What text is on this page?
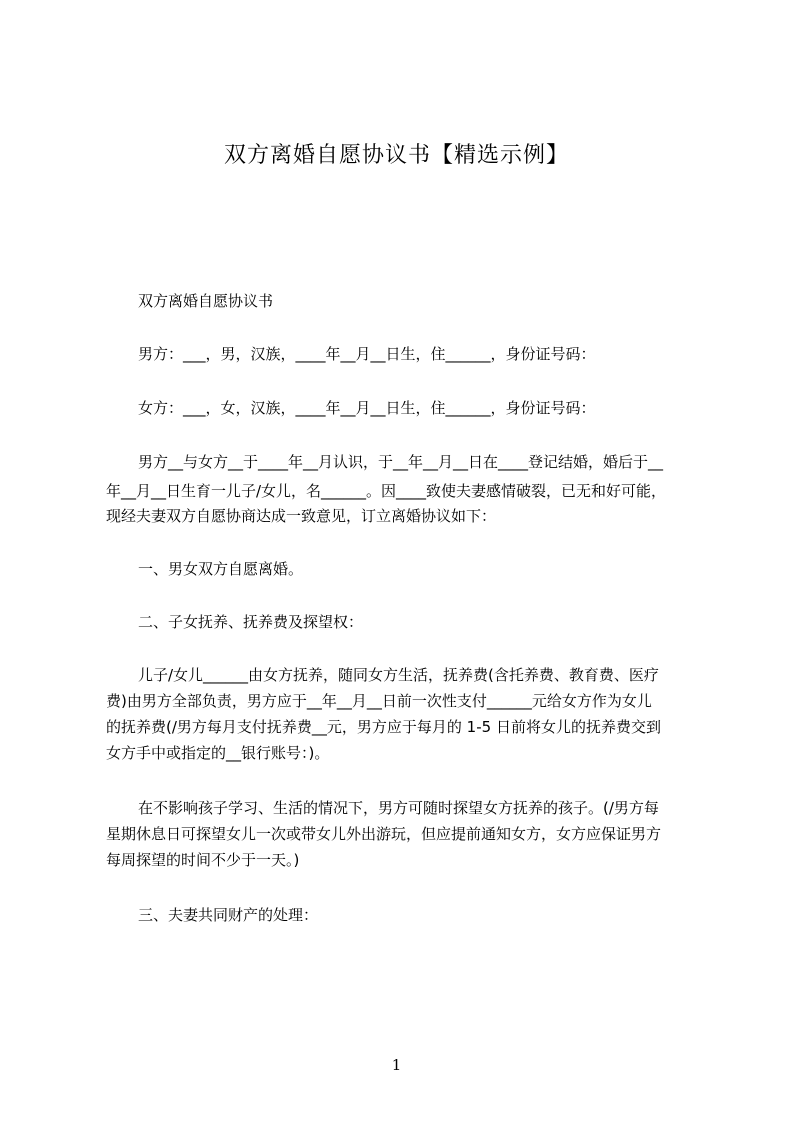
双方离婚自愿协议书【精选示例】
双方离婚自愿协议书
男方：___，男，汉族，____年__月__日生，住______，身份证号码：
女方：___，女，汉族，____年__月__日生，住______，身份证号码：
男方__与女方__于____年__月认识，于__年__月__日在____登记结婚，婚后于__
年__月__日生育一儿子/女儿，名______。因____致使夫妻感情破裂，已无和好可能，
现经夫妻双方自愿协商达成一致意见，订立离婚协议如下：
一、男女双方自愿离婚。
二、子女抚养、抚养费及探望权：
儿子/女儿______由女方抚养，随同女方生活，抚养费(含托养费、教育费、医疗
费)由男方全部负责，男方应于__年__月__日前一次性支付______元给女方作为女儿
的抚养费(/男方每月支付抚养费__元，男方应于每月的 1-5 日前将女儿的抚养费交到
女方手中或指定的__银行账号：)。
在不影响孩子学习、生活的情况下，男方可随时探望女方抚养的孩子。(/男方每
星期休息日可探望女儿一次或带女儿外出游玩，但应提前通知女方，女方应保证男方
每周探望的时间不少于一天。)
三、夫妻共同财产的处理：
1
